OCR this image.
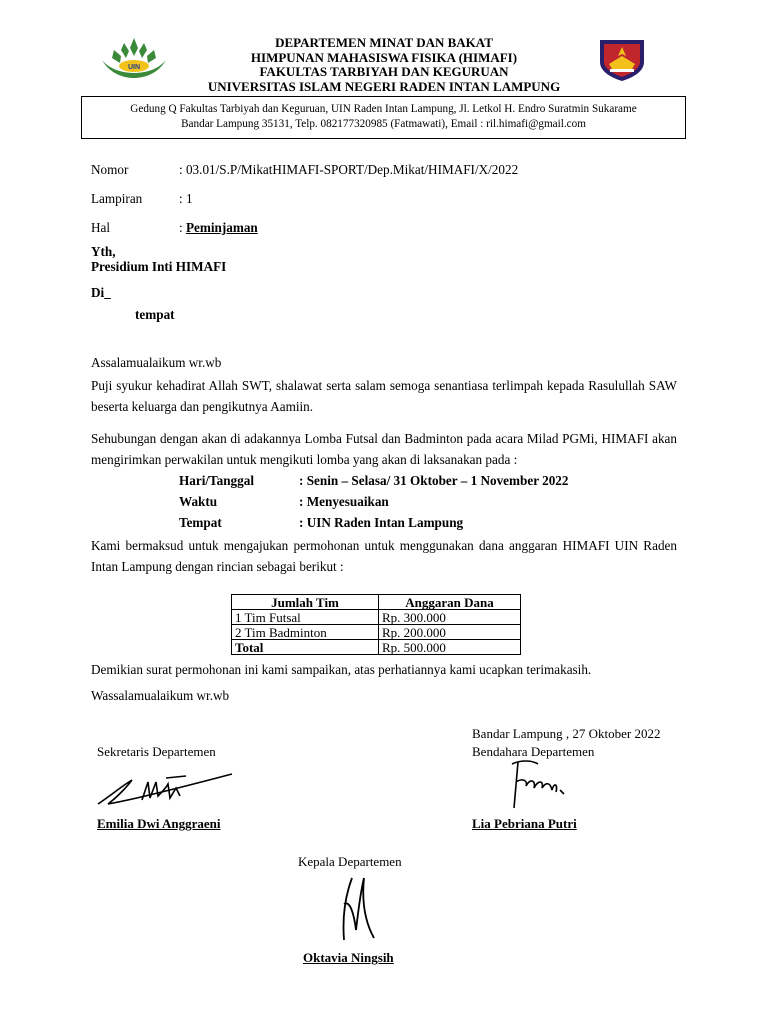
UIN
DEPARTEMEN MINAT DAN BAKAT
HIMPUNAN MAHASISWA FISIKA (HIMAFI)
FAKULTAS TARBIYAH DAN KEGURUAN
UNIVERSITAS ISLAM NEGERI RADEN INTAN LAMPUNG
Gedung Q Fakultas Tarbiyah dan Keguruan, UIN Raden Intan Lampung, Jl. Letkol H. Endro Suratmin Sukarame
Bandar Lampung 35131, Telp. 082177320985 (Fatmawati), Email : ril.himafi@gmail.com
Nomor	: 03.01/S.P/MikatHIMAFI-SPORT/Dep.Mikat/HIMAFI/X/2022
Lampiran	: 1
Hal	: Peminjaman
Yth,
Presidium Inti HIMAFI
Di_
tempat
Assalamualaikum wr.wb
Puji syukur kehadirat Allah SWT, shalawat serta salam semoga senantiasa terlimpah kepada Rasulullah SAW beserta keluarga dan pengikutnya Aamiin.
Sehubungan dengan akan di adakannya Lomba Futsal dan Badminton pada acara Milad PGMi, HIMAFI akan mengirimkan perwakilan untuk mengikuti lomba yang akan di laksanakan pada :
Hari/Tanggal	: Senin – Selasa/ 31 Oktober – 1 November 2022
Waktu	: Menyesuaikan
Tempat	: UIN Raden Intan Lampung
Kami bermaksud untuk mengajukan permohonan untuk menggunakan dana anggaran HIMAFI UIN Raden Intan Lampung dengan rincian sebagai berikut :
Jumlah Tim	Anggaran Dana
1 Tim Futsal	Rp. 300.000
2 Tim Badminton	Rp. 200.000
Total	Rp. 500.000
Demikian surat permohonan ini kami sampaikan, atas perhatiannya kami ucapkan terimakasih.
Wassalamualaikum wr.wb
Bandar Lampung , 27 Oktober 2022
Sekretaris Departemen	Bendahara Departemen
Emilia Dwi Anggraeni	Lia Pebriana Putri
Kepala Departemen
Oktavia Ningsih
